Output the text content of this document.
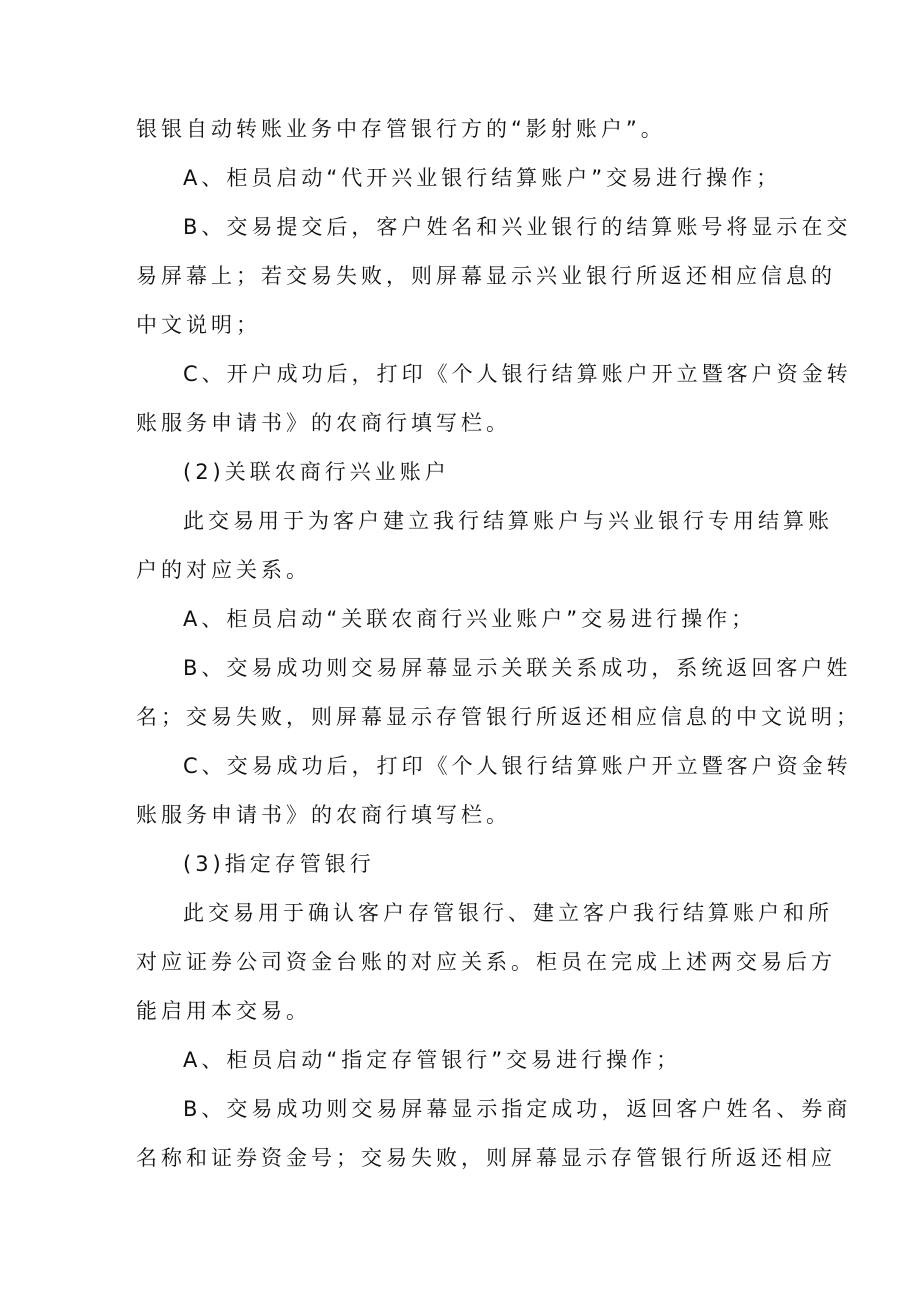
银银自动转账业务中存管银行方的“影射账户”。

A、柜员启动“代开兴业银行结算账户”交易进行操作；

B、交易提交后，客户姓名和兴业银行的结算账号将显示在交

易屏幕上；若交易失败，则屏幕显示兴业银行所返还相应信息的

中文说明；

C、开户成功后，打印《个人银行结算账户开立暨客户资金转

账服务申请书》的农商行填写栏。

(2)关联农商行兴业账户

此交易用于为客户建立我行结算账户与兴业银行专用结算账

户的对应关系。

A、柜员启动“关联农商行兴业账户”交易进行操作；

B、交易成功则交易屏幕显示关联关系成功，系统返回客户姓

名；交易失败，则屏幕显示存管银行所返还相应信息的中文说明；

C、交易成功后，打印《个人银行结算账户开立暨客户资金转

账服务申请书》的农商行填写栏。

(3)指定存管银行

此交易用于确认客户存管银行、建立客户我行结算账户和所

对应证券公司资金台账的对应关系。柜员在完成上述两交易后方

能启用本交易。

A、柜员启动“指定存管银行”交易进行操作；

B、交易成功则交易屏幕显示指定成功，返回客户姓名、券商

名称和证券资金号；交易失败，则屏幕显示存管银行所返还相应
